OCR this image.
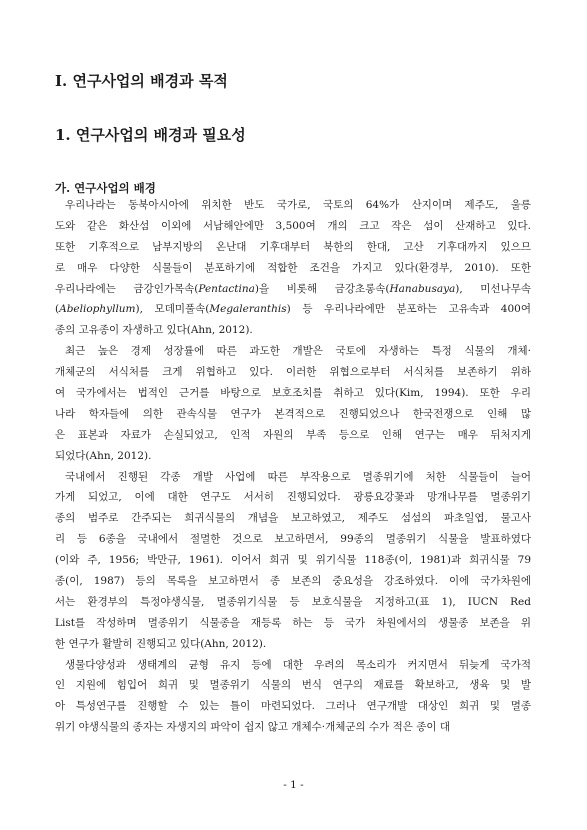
I. 연구사업의 배경과 목적
1. 연구사업의 배경과 필요성
가. 연구사업의 배경
우리나라는 동북아시아에 위치한 반도 국가로, 국토의 64%가 산지이며 제주도, 울릉
도와 같은 화산섬 이외에 서남해안에만 3,500여 개의 크고 작은 섬이 산재하고 있다.
또한 기후적으로 남부지방의 온난대 기후대부터 북한의 한대, 고산 기후대까지 있으므
로 매우 다양한 식물들이 분포하기에 적합한 조건을 가지고 있다(환경부, 2010). 또한
우리나라에는 금강인가목속(Pentactina)을 비롯해 금강초롱속(Hanabusaya), 미선나무속
(Abeliophyllum), 모데미풀속(Megaleranthis) 등 우리나라에만 분포하는 고유속과 400여
종의 고유종이 자생하고 있다(Ahn, 2012).
최근 높은 경제 성장률에 따른 과도한 개발은 국토에 자생하는 특정 식물의 개체·
개체군의 서식처를 크게 위협하고 있다. 이러한 위협으로부터 서식처를 보존하기 위하
여 국가에서는 법적인 근거를 바탕으로 보호조치를 취하고 있다(Kim, 1994). 또한 우리
나라 학자들에 의한 관속식물 연구가 본격적으로 진행되었으나 한국전쟁으로 인해 많
은 표본과 자료가 손실되었고, 인적 자원의 부족 등으로 인해 연구는 매우 뒤처지게
되었다(Ahn, 2012).
국내에서 진행된 각종 개발 사업에 따른 부작용으로 멸종위기에 처한 식물들이 늘어
가게 되었고, 이에 대한 연구도 서서히 진행되었다. 광릉요강꽃과 망개나무를 멸종위기
종의 범주로 간주되는 희귀식물의 개념을 보고하였고, 제주도 섬섬의 파초일엽, 물고사
리 등 6종을 국내에서 절멸한 것으로 보고하면서, 99종의 멸종위기 식물을 발표하였다
(이와 주, 1956; 박만규, 1961). 이어서 희귀 및 위기식물 118종(이, 1981)과 희귀식물 79
종(이, 1987) 등의 목록을 보고하면서 종 보존의 중요성을 강조하였다. 이에 국가차원에
서는 환경부의 특정야생식물, 멸종위기식물 등 보호식물을 지정하고(표 1), IUCN Red
List를 작성하며 멸종위기 식물종을 재등록 하는 등 국가 차원에서의 생물종 보존을 위
한 연구가 활발히 진행되고 있다(Ahn, 2012).
생물다양성과 생태계의 균형 유지 등에 대한 우려의 목소리가 커지면서 뒤늦게 국가적
인 지원에 힘입어 희귀 및 멸종위기 식물의 번식 연구의 재료를 확보하고, 생육 및 발
아 특성연구를 진행할 수 있는 틀이 마련되었다. 그러나 연구개발 대상인 희귀 및 멸종
위기 야생식물의 종자는 자생지의 파악이 쉽지 않고 개체수·개체군의 수가 적은 종이 대
- 1 -
